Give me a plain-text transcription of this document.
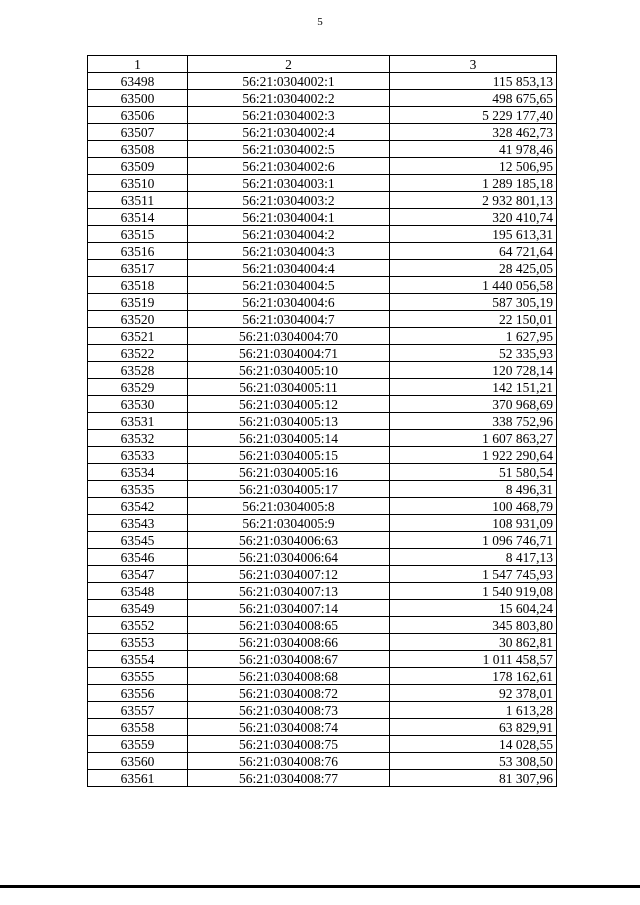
5
1	2	3
63498	56:21:0304002:1	115 853,13
63500	56:21:0304002:2	498 675,65
63506	56:21:0304002:3	5 229 177,40
63507	56:21:0304002:4	328 462,73
63508	56:21:0304002:5	41 978,46
63509	56:21:0304002:6	12 506,95
63510	56:21:0304003:1	1 289 185,18
63511	56:21:0304003:2	2 932 801,13
63514	56:21:0304004:1	320 410,74
63515	56:21:0304004:2	195 613,31
63516	56:21:0304004:3	64 721,64
63517	56:21:0304004:4	28 425,05
63518	56:21:0304004:5	1 440 056,58
63519	56:21:0304004:6	587 305,19
63520	56:21:0304004:7	22 150,01
63521	56:21:0304004:70	1 627,95
63522	56:21:0304004:71	52 335,93
63528	56:21:0304005:10	120 728,14
63529	56:21:0304005:11	142 151,21
63530	56:21:0304005:12	370 968,69
63531	56:21:0304005:13	338 752,96
63532	56:21:0304005:14	1 607 863,27
63533	56:21:0304005:15	1 922 290,64
63534	56:21:0304005:16	51 580,54
63535	56:21:0304005:17	8 496,31
63542	56:21:0304005:8	100 468,79
63543	56:21:0304005:9	108 931,09
63545	56:21:0304006:63	1 096 746,71
63546	56:21:0304006:64	8 417,13
63547	56:21:0304007:12	1 547 745,93
63548	56:21:0304007:13	1 540 919,08
63549	56:21:0304007:14	15 604,24
63552	56:21:0304008:65	345 803,80
63553	56:21:0304008:66	30 862,81
63554	56:21:0304008:67	1 011 458,57
63555	56:21:0304008:68	178 162,61
63556	56:21:0304008:72	92 378,01
63557	56:21:0304008:73	1 613,28
63558	56:21:0304008:74	63 829,91
63559	56:21:0304008:75	14 028,55
63560	56:21:0304008:76	53 308,50
63561	56:21:0304008:77	81 307,96
